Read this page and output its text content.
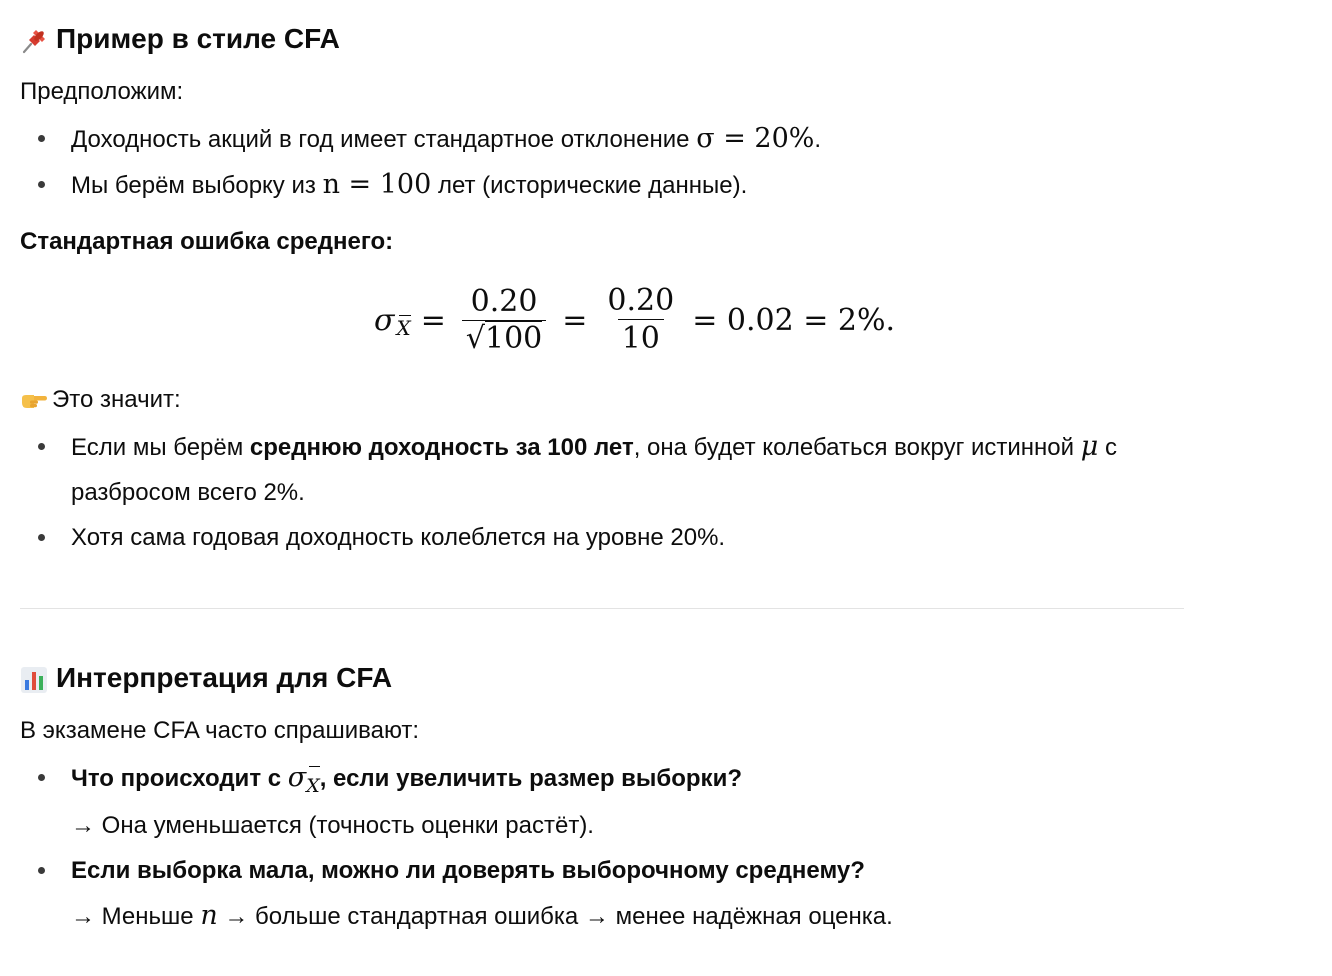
Пример в стиле CFA

Предположим:

Доходность акций в год имеет стандартное отклонение σ = 20%.
Мы берём выборку из n = 100 лет (исторические данные).

Стандартная ошибка среднего:

σ $X = \frac{0.20}{√ 100} = \frac{0.20}{10} = 0.02 = 2\%$.

Это значит:

Если мы берём среднюю доходность за 100 лет, она будет колебаться вокруг истинной μ с
разбросом всего 2%.
Хотя сама годовая доходность колеблется на уровне 20%.
Интерпретация для CFA

В экзамене CFA часто спрашивают:

Что происходит с σX, если увеличить размер выборки?
→ Она уменьшается (точность оценки растёт).
Если выборка мала, можно ли доверять выборочному среднему?
→ Меньше n → больше стандартная ошибка → менее надёжная оценка.
